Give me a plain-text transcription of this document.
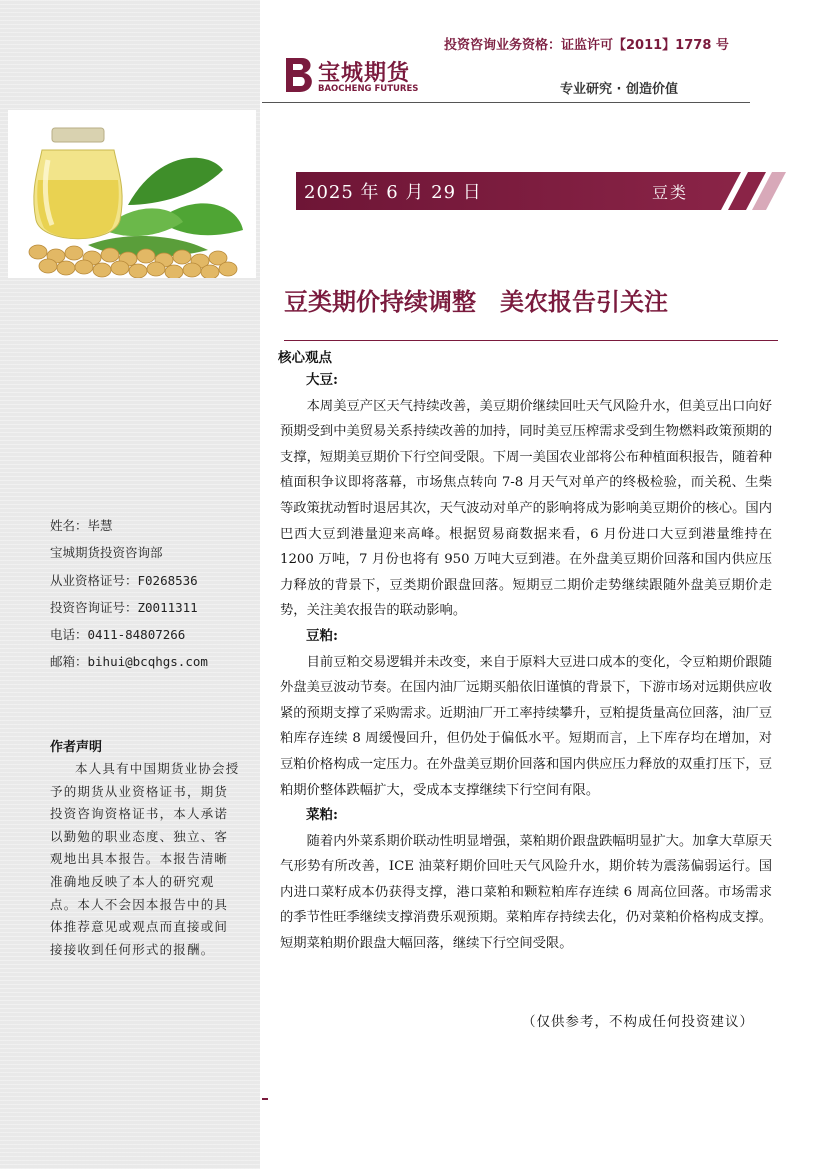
姓名：毕慧
宝城期货投资咨询部
从业资格证号：F0268536
投资咨询证号：Z0011311
电话：0411-84807266
邮箱：bihui@bcqhgs.com
作者声明
本人具有中国期货业协会授予的期货从业资格证书，期货投资咨询资格证书，本人承诺以勤勉的职业态度、独立、客观地出具本报告。本报告清晰准确地反映了本人的研究观点。本人不会因本报告中的具体推荐意见或观点而直接或间接接收到任何形式的报酬。
投资咨询业务资格：证监许可【2011】1778 号
宝城期货
BAOCHENG FUTURES	专业研究 · 创造价值
2025 年 6 月 29 日	豆类
豆类期价持续调整　美农报告引关注
核心观点
大豆:

本周美豆产区天气持续改善，美豆期价继续回吐天气风险升水，但美豆出口向好预期受到中美贸易关系持续改善的加持，同时美豆压榨需求受到生物燃料政策预期的支撑，短期美豆期价下行空间受限。下周一美国农业部将公布种植面积报告，随着种植面积争议即将落幕，市场焦点转向 7-8 月天气对单产的终极检验，而关税、生柴等政策扰动暂时退居其次，天气波动对单产的影响将成为影响美豆期价的核心。国内巴西大豆到港量迎来高峰。根据贸易商数据来看，6 月份进口大豆到港量维持在 1200 万吨，7 月份也将有 950 万吨大豆到港。在外盘美豆期价回落和国内供应压力释放的背景下，豆类期价跟盘回落。短期豆二期价走势继续跟随外盘美豆期价走势，关注美农报告的联动影响。

豆粕:

目前豆粕交易逻辑并未改变，来自于原料大豆进口成本的变化，令豆粕期价跟随外盘美豆波动节奏。在国内油厂远期买船依旧谨慎的背景下，下游市场对远期供应收紧的预期支撑了采购需求。近期油厂开工率持续攀升，豆粕提货量高位回落，油厂豆粕库存连续 8 周缓慢回升，但仍处于偏低水平。短期而言，上下库存均在增加，对豆粕价格构成一定压力。在外盘美豆期价回落和国内供应压力释放的双重打压下，豆粕期价整体跌幅扩大，受成本支撑继续下行空间有限。

菜粕:

随着内外菜系期价联动性明显增强，菜粕期价跟盘跌幅明显扩大。加拿大草原天气形势有所改善，ICE 油菜籽期价回吐天气风险升水，期价转为震荡偏弱运行。国内进口菜籽成本仍获得支撑，港口菜粕和颗粒粕库存连续 6 周高位回落。市场需求的季节性旺季继续支撑消费乐观预期。菜粕库存持续去化，仍对菜粕价格构成支撑。短期菜粕期价跟盘大幅回落，继续下行空间受限。

（仅供参考，不构成任何投资建议）
